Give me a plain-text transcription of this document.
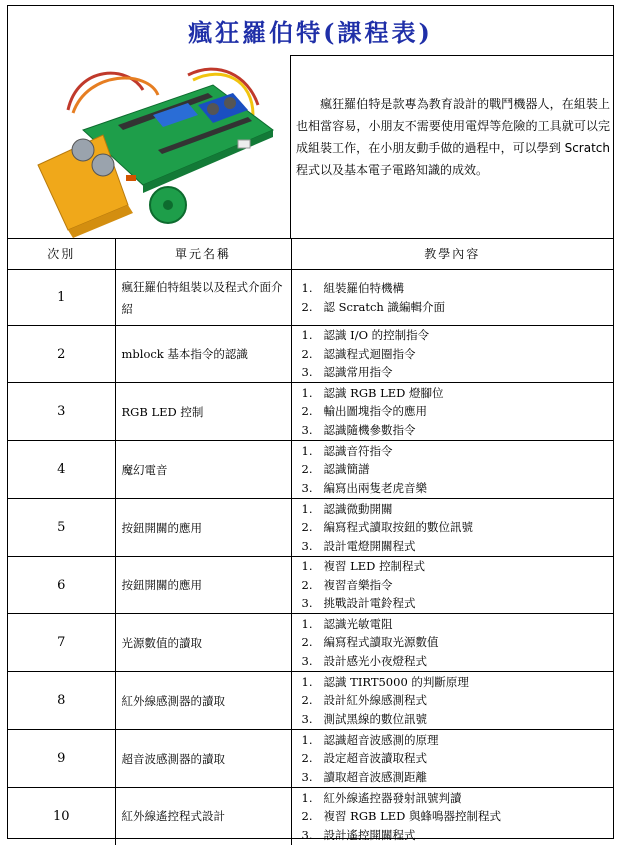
瘋狂羅伯特(課程表)
瘋狂羅伯特是款專為教育設計的戰鬥機器人，在組裝上也相當容易，小朋友不需要使用電焊等危險的工具就可以完成組裝工作，在小朋友動手做的過程中，可以學到 Scratch 程式以及基本電子電路知識的成效。
次別	單元名稱	教學內容
1	瘋狂羅伯特組裝以及程式介面介紹	1. 組裝羅伯特機構
2. 認 Scratch 識編輯介面

2	mblock 基本指令的認識	1. 認識 I/O 的控制指令
2. 認識程式迴圈指令
3. 認識常用指令

3	RGB LED 控制	1. 認識 RGB LED 燈腳位
2. 輸出圖塊指令的應用
3. 認識隨機參數指令

4	魔幻電音	1. 認識音符指令
2. 認識簡譜
3. 編寫出兩隻老虎音樂

5	按鈕開關的應用	1. 認識微動開關
2. 編寫程式讀取按鈕的數位訊號
3. 設計電燈開關程式

6	按鈕開關的應用	1. 複習 LED 控制程式
2. 複習音樂指令
3. 挑戰設計電鈴程式

7	光源數值的讀取	1. 認識光敏電阻
2. 編寫程式讀取光源數值
3. 設計感光小夜燈程式

8	紅外線感測器的讀取	1. 認識 TIRT5000 的判斷原理
2. 設計紅外線感測程式
3. 測試黑線的數位訊號

9	超音波感測器的讀取	1. 認識超音波感測的原理
2. 設定超音波讀取程式
3. 讀取超音波感測距離

10	紅外線遙控程式設計	1. 紅外線遙控器發射訊號判讀
2. 複習 RGB LED 與蜂鳴器控制程式
3. 設計遙控開關程式
